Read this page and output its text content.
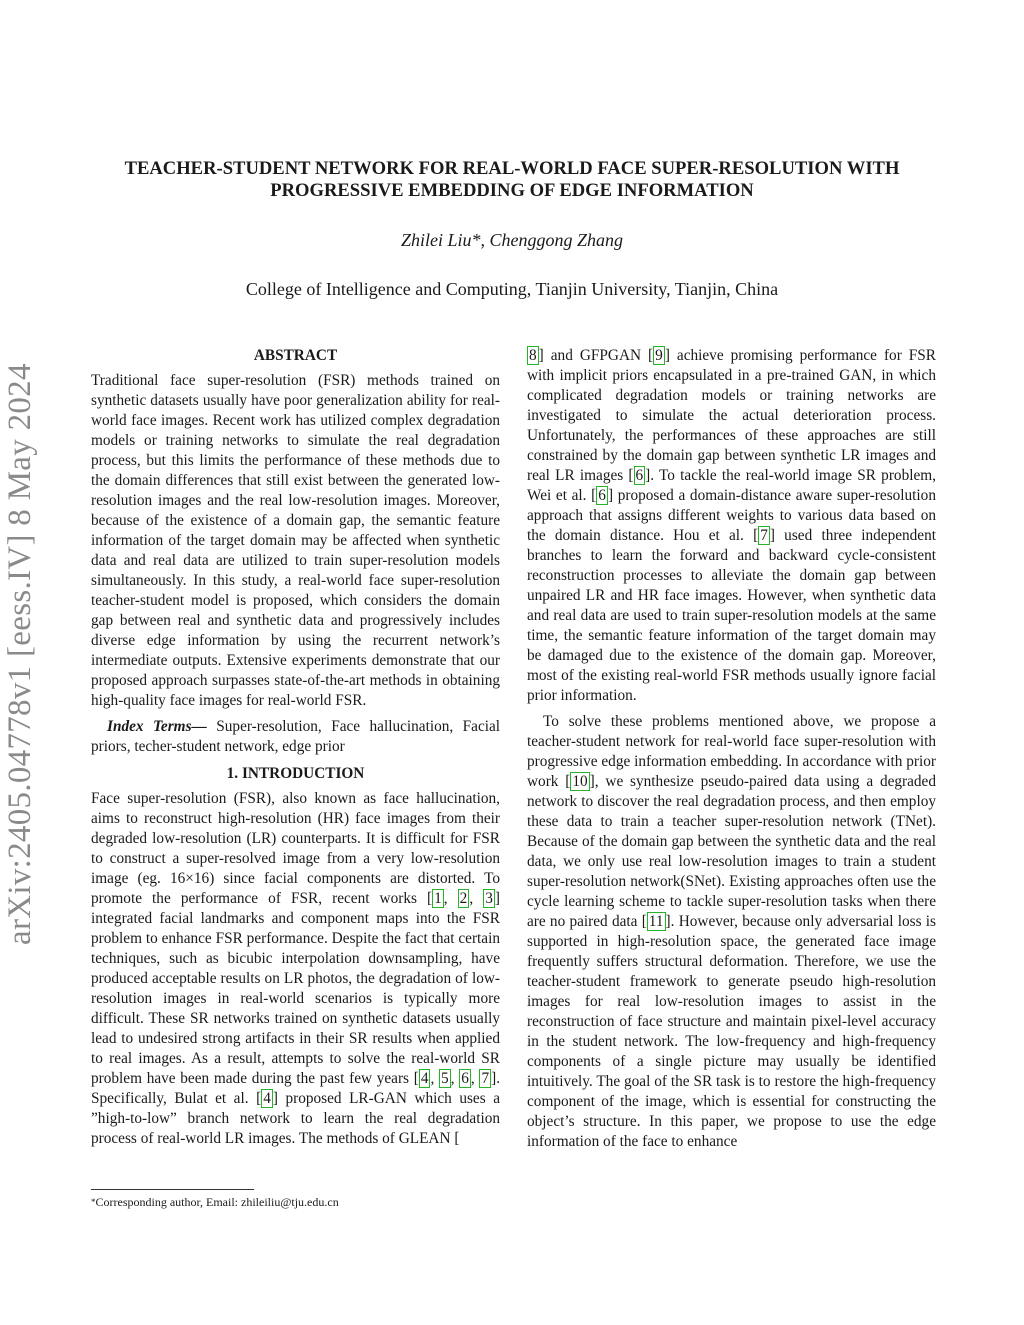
arXiv:2405.04778v1 [eess.IV] 8 May 2024
TEACHER-STUDENT NETWORK FOR REAL-WORLD FACE SUPER-RESOLUTION WITH PROGRESSIVE EMBEDDING OF EDGE INFORMATION
Zhilei Liu*, Chenggong Zhang
College of Intelligence and Computing, Tianjin University, Tianjin, China
ABSTRACT

Traditional face super-resolution (FSR) methods trained on synthetic datasets usually have poor generalization ability for real-world face images. Recent work has utilized complex degradation models or training networks to simulate the real degradation process, but this limits the performance of these methods due to the domain differences that still exist between the generated low-resolution images and the real low-resolution images. Moreover, because of the existence of a domain gap, the semantic feature information of the target domain may be affected when synthetic data and real data are utilized to train super-resolution models simultaneously. In this study, a real-world face super-resolution teacher-student model is proposed, which considers the domain gap between real and synthetic data and progressively includes diverse edge information by using the recurrent network’s intermediate outputs. Extensive experiments demonstrate that our proposed approach surpasses state-of-the-art methods in obtaining high-quality face images for real-world FSR.

Index Terms— Super-resolution, Face hallucination, Facial priors, techer-student network, edge prior

1. INTRODUCTION

Face super-resolution (FSR), also known as face hallucination, aims to reconstruct high-resolution (HR) face images from their degraded low-resolution (LR) counterparts. It is difficult for FSR to construct a super-resolved image from a very low-resolution image (eg. 16×16) since facial components are distorted. To promote the performance of FSR, recent works [ 1 , 2 , 3 ] integrated facial landmarks and component maps into the FSR problem to enhance FSR performance. Despite the fact that certain techniques, such as bicubic interpolation downsampling, have produced acceptable results on LR photos, the degradation of low-resolution images in real-world scenarios is typically more difficult. These SR networks trained on synthetic datasets usually lead to undesired strong artifacts in their SR results when applied to real images. As a result, attempts to solve the real-world SR problem have been made during the past few years [ 4 , 5 , 6 , 7 ]. Specifically, Bulat et al. [ 4 ] proposed LR-GAN which uses a ”high-to-low” branch network to learn the real degradation process of real-world LR images. The methods of GLEAN [

8 ] and GFPGAN [ 9 ] achieve promising performance for FSR with implicit priors encapsulated in a pre-trained GAN, in which complicated degradation models or training networks are investigated to simulate the actual deterioration process. Unfortunately, the performances of these approaches are still constrained by the domain gap between synthetic LR images and real LR images [ 6 ]. To tackle the real-world image SR problem, Wei et al. [ 6 ] proposed a domain-distance aware super-resolution approach that assigns different weights to various data based on the domain distance. Hou et al. [ 7 ] used three independent branches to learn the forward and backward cycle-consistent reconstruction processes to alleviate the domain gap between unpaired LR and HR face images. However, when synthetic data and real data are used to train super-resolution models at the same time, the semantic feature information of the target domain may be damaged due to the existence of the domain gap. Moreover, most of the existing real-world FSR methods usually ignore facial prior information.

To solve these problems mentioned above, we propose a teacher-student network for real-world face super-resolution with progressive edge information embedding. In accordance with prior work [ 10 ], we synthesize pseudo-paired data using a degraded network to discover the real degradation process, and then employ these data to train a teacher super-resolution network (TNet). Because of the domain gap between the synthetic data and the real data, we only use real low-resolution images to train a student super-resolution network(SNet). Existing approaches often use the cycle learning scheme to tackle super-resolution tasks when there are no paired data [ 11 ]. However, because only adversarial loss is supported in high-resolution space, the generated face image frequently suffers structural deformation. Therefore, we use the teacher-student framework to generate pseudo high-resolution images for real low-resolution images to assist in the reconstruction of face structure and maintain pixel-level accuracy in the student network. The low-frequency and high-frequency components of a single picture may usually be identified intuitively. The goal of the SR task is to restore the high-frequency component of the image, which is essential for constructing the object’s structure. In this paper, we propose to use the edge information of the face to enhance

*Corresponding author, Email: zhileiliu@tju.edu.cn
